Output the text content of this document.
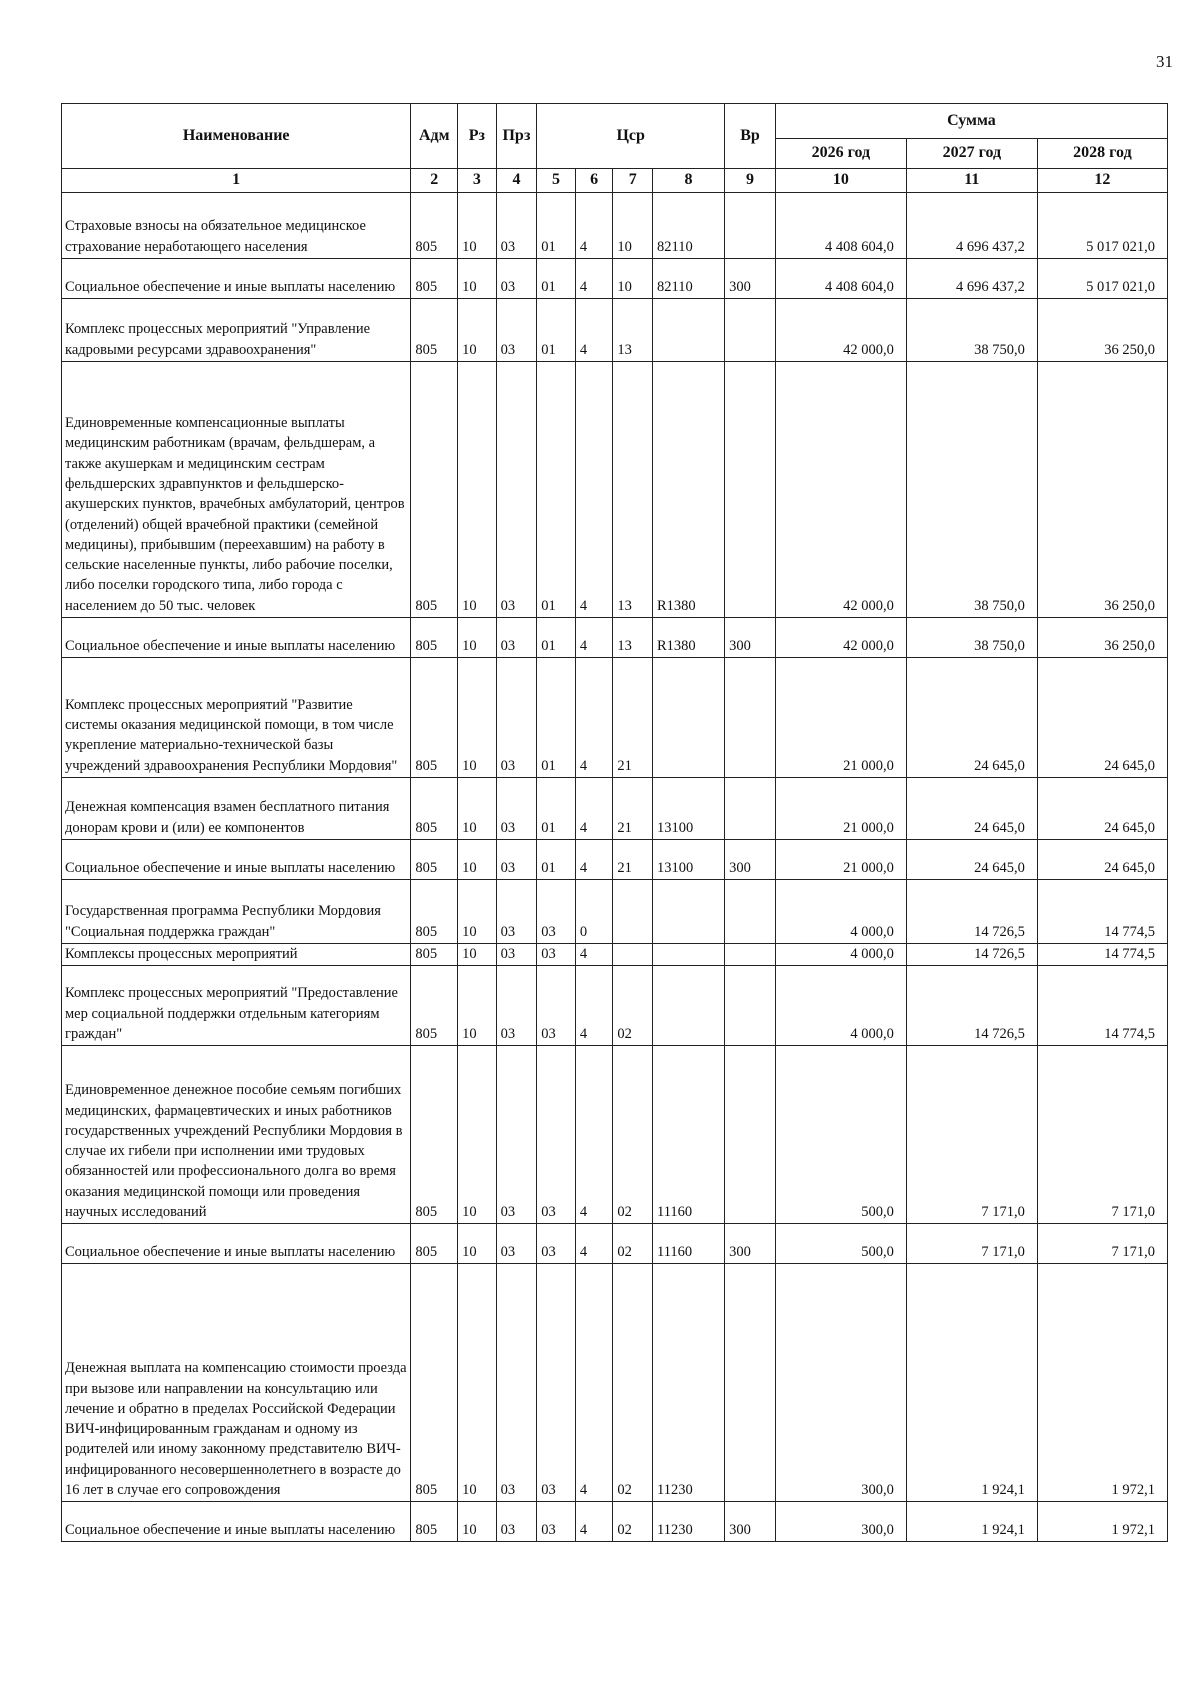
31
Наименование	Адм	Рз	Прз	Цср				Вр	Сумма		
									2026 год	2027 год	2028 год
1	2	3	4	5	6	7	8	9	10	11	12
Страховые взносы на обязательное медицинское страхование неработающего населения	805	10	03	01	4	10	82110		4 408 604,0	4 696 437,2	5 017 021,0
Социальное обеспечение и иные выплаты населению	805	10	03	01	4	10	82110	300	4 408 604,0	4 696 437,2	5 017 021,0
Комплекс процессных мероприятий "Управление кадровыми ресурсами здравоохранения"	805	10	03	01	4	13			42 000,0	38 750,0	36 250,0
Единовременные компенсационные выплаты медицинским работникам (врачам, фельдшерам, а также акушеркам и медицинским сестрам фельдшерских здравпунктов и фельдшерско-акушерских пунктов, врачебных амбулаторий, центров (отделений) общей врачебной практики (семейной медицины), прибывшим (переехавшим) на работу в сельские населенные пункты, либо рабочие поселки, либо поселки городского типа, либо города с населением до 50 тыс. человек	805	10	03	01	4	13	R1380		42 000,0	38 750,0	36 250,0
Социальное обеспечение и иные выплаты населению	805	10	03	01	4	13	R1380	300	42 000,0	38 750,0	36 250,0
Комплекс процессных мероприятий "Развитие системы оказания медицинской помощи, в том числе укрепление материально-технической базы учреждений здравоохранения Республики Мордовия"	805	10	03	01	4	21			21 000,0	24 645,0	24 645,0
Денежная компенсация взамен бесплатного питания донорам крови и (или) ее компонентов	805	10	03	01	4	21	13100		21 000,0	24 645,0	24 645,0
Социальное обеспечение и иные выплаты населению	805	10	03	01	4	21	13100	300	21 000,0	24 645,0	24 645,0
Государственная программа Республики Мордовия "Социальная поддержка граждан"	805	10	03	03	0				4 000,0	14 726,5	14 774,5
Комплексы процессных мероприятий	805	10	03	03	4				4 000,0	14 726,5	14 774,5
Комплекс процессных мероприятий "Предоставление мер социальной поддержки отдельным категориям граждан"	805	10	03	03	4	02			4 000,0	14 726,5	14 774,5
Единовременное денежное пособие семьям погибших медицинских, фармацевтических и иных работников государственных учреждений Республики Мордовия в случае их гибели при исполнении ими трудовых обязанностей или профессионального долга во время оказания медицинской помощи или проведения научных исследований	805	10	03	03	4	02	11160		500,0	7 171,0	7 171,0
Социальное обеспечение и иные выплаты населению	805	10	03	03	4	02	11160	300	500,0	7 171,0	7 171,0
Денежная выплата на компенсацию стоимости проезда при вызове или направлении на консультацию или лечение и обратно в пределах Российской Федерации ВИЧ-инфицированным гражданам и одному из родителей или иному законному представителю ВИЧ-инфицированного несовершеннолетнего в возрасте до 16 лет в случае его сопровождения	805	10	03	03	4	02	11230		300,0	1 924,1	1 972,1
Социальное обеспечение и иные выплаты населению	805	10	03	03	4	02	11230	300	300,0	1 924,1	1 972,1
